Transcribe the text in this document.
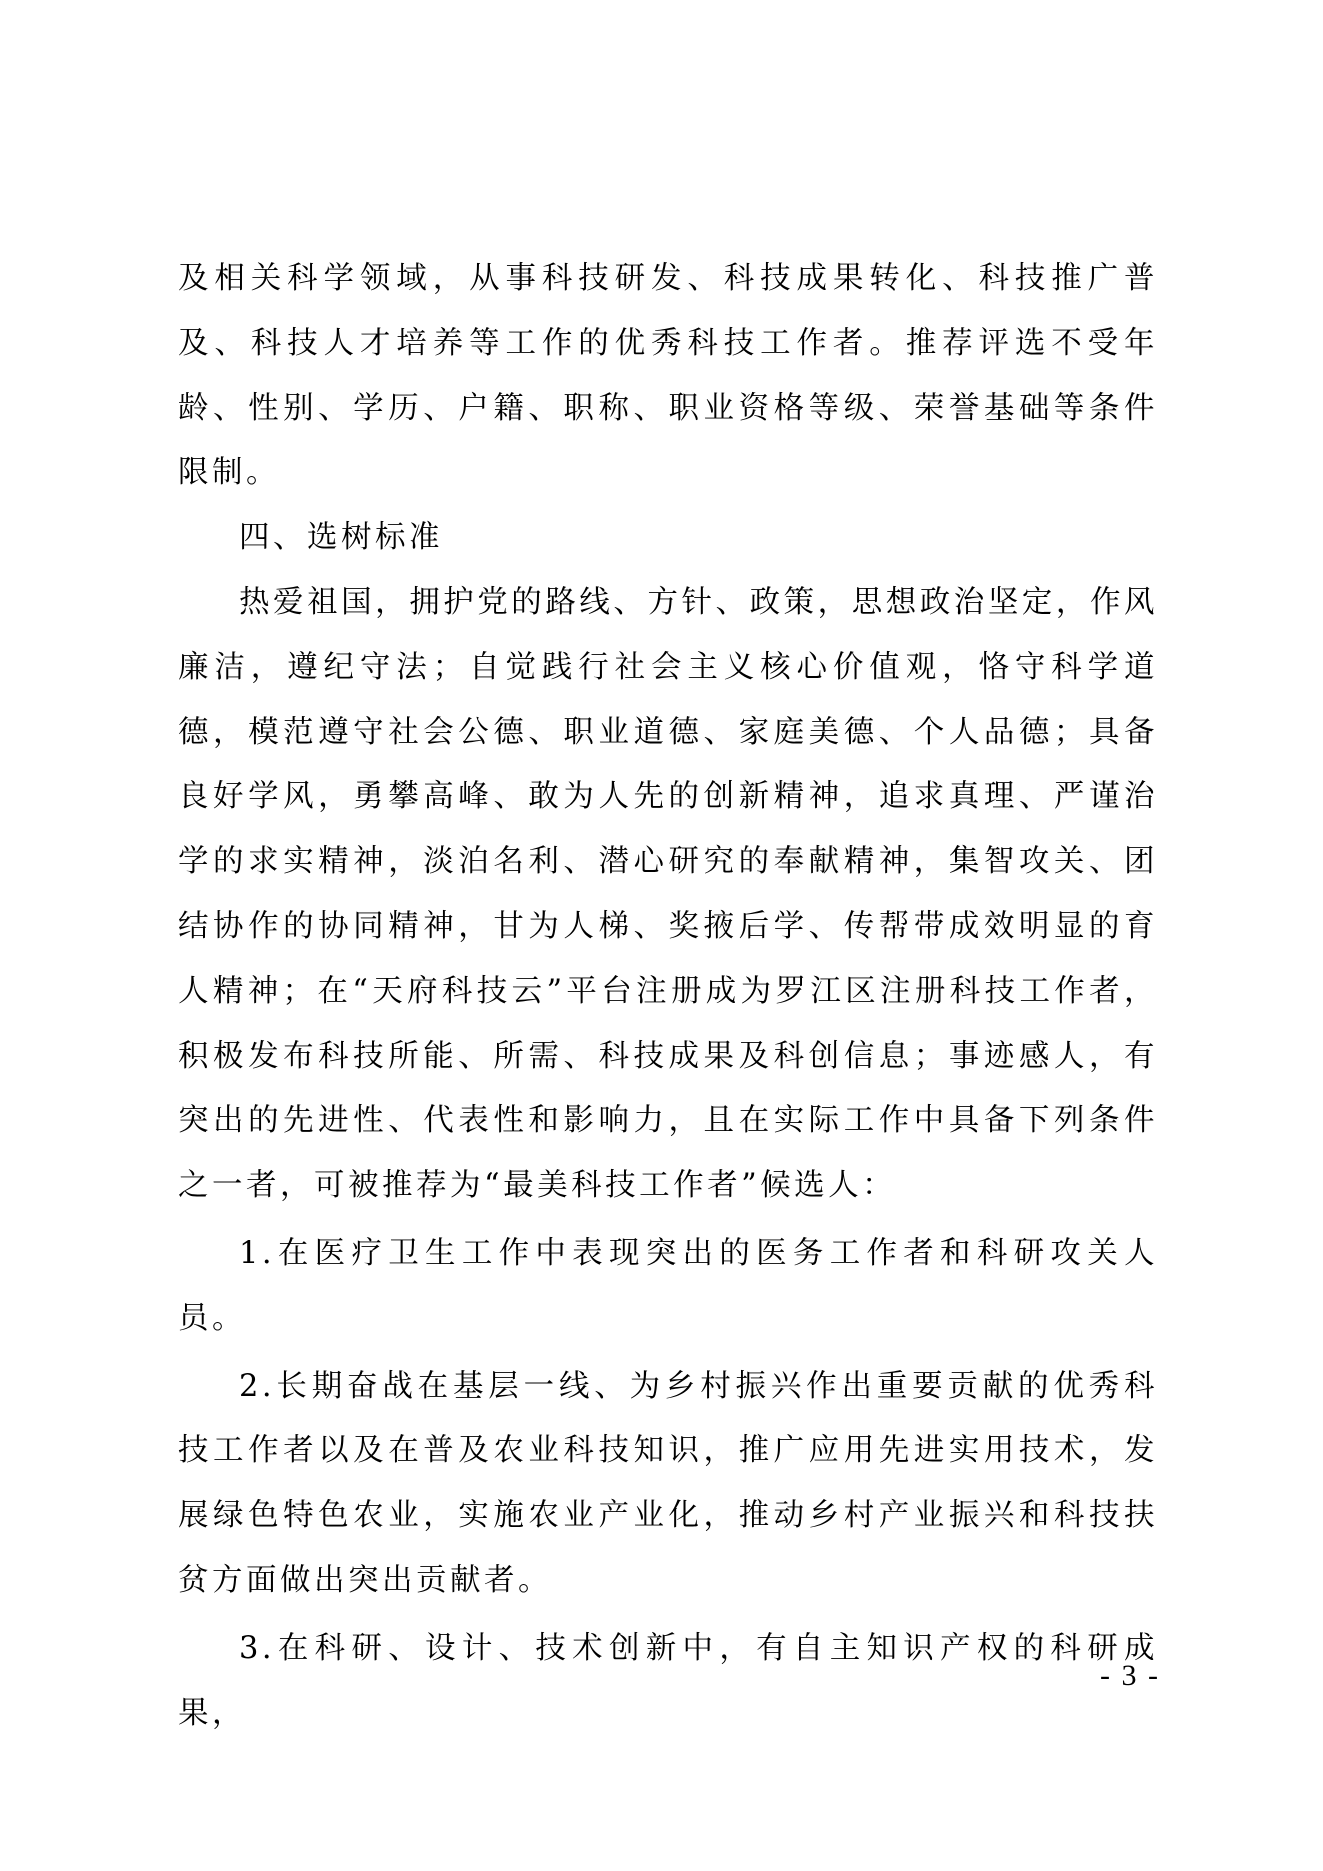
及相关科学领域，从事科技研发、科技成果转化、科技推广普及、科技人才培养等工作的优秀科技工作者。推荐评选不受年龄、性别、学历、户籍、职称、职业资格等级、荣誉基础等条件限制。

四、选树标准

热爱祖国，拥护党的路线、方针、政策，思想政治坚定，作风廉洁，遵纪守法；自觉践行社会主义核心价值观，恪守科学道德，模范遵守社会公德、职业道德、家庭美德、个人品德；具备良好学风，勇攀高峰、敢为人先的创新精神，追求真理、严谨治学的求实精神，淡泊名利、潜心研究的奉献精神，集智攻关、团结协作的协同精神，甘为人梯、奖掖后学、传帮带成效明显的育人精神；在“天府科技云”平台注册成为罗江区注册科技工作者，积极发布科技所能、所需、科技成果及科创信息；事迹感人，有突出的先进性、代表性和影响力，且在实际工作中具备下列条件之一者，可被推荐为“最美科技工作者”候选人：

1.在医疗卫生工作中表现突出的医务工作者和科研攻关人员。

2.长期奋战在基层一线、为乡村振兴作出重要贡献的优秀科技工作者以及在普及农业科技知识，推广应用先进实用技术，发展绿色特色农业，实施农业产业化，推动乡村产业振兴和科技扶贫方面做出突出贡献者。

3.在科研、设计、技术创新中，有自主知识产权的科研成果，

- 3 -
